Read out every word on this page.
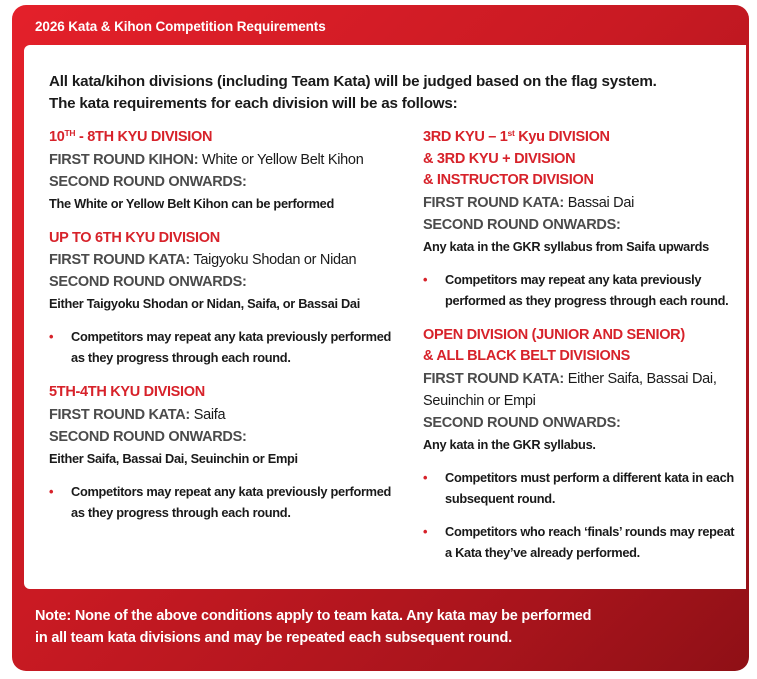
2026 Kata & Kihon Competition Requirements
All kata/kihon divisions (including Team Kata) will be judged based on the flag system.
The kata requirements for each division will be as follows:
10TH - 8TH KYU DIVISION
FIRST ROUND KIHON: White or Yellow Belt Kihon
SECOND ROUND ONWARDS:
The White or Yellow Belt Kihon can be performed
UP TO 6TH KYU DIVISION
FIRST ROUND KATA: Taigyoku Shodan or Nidan
SECOND ROUND ONWARDS:
Either Taigyoku Shodan or Nidan, Saifa, or Bassai Dai
• Competitors may repeat any kata previously performed as they progress through each round.
5TH-4TH KYU DIVISION
FIRST ROUND KATA: Saifa
SECOND ROUND ONWARDS:
Either Saifa, Bassai Dai, Seuinchin or Empi
• Competitors may repeat any kata previously performed as they progress through each round.
3RD KYU – 1st Kyu DIVISION
& 3RD KYU + DIVISION
& INSTRUCTOR DIVISION
FIRST ROUND KATA: Bassai Dai
SECOND ROUND ONWARDS:
Any kata in the GKR syllabus from Saifa upwards
• Competitors may repeat any kata previously performed as they progress through each round.
OPEN DIVISION (JUNIOR AND SENIOR)
& ALL BLACK BELT DIVISIONS
FIRST ROUND KATA: Either Saifa, Bassai Dai,
Seuinchin or Empi
SECOND ROUND ONWARDS:
Any kata in the GKR syllabus.
• Competitors must perform a different kata in each subsequent round.
• Competitors who reach ‘finals’ rounds may repeat a Kata they’ve already performed.
Note: None of the above conditions apply to team kata. Any kata may be performed
in all team kata divisions and may be repeated each subsequent round.
